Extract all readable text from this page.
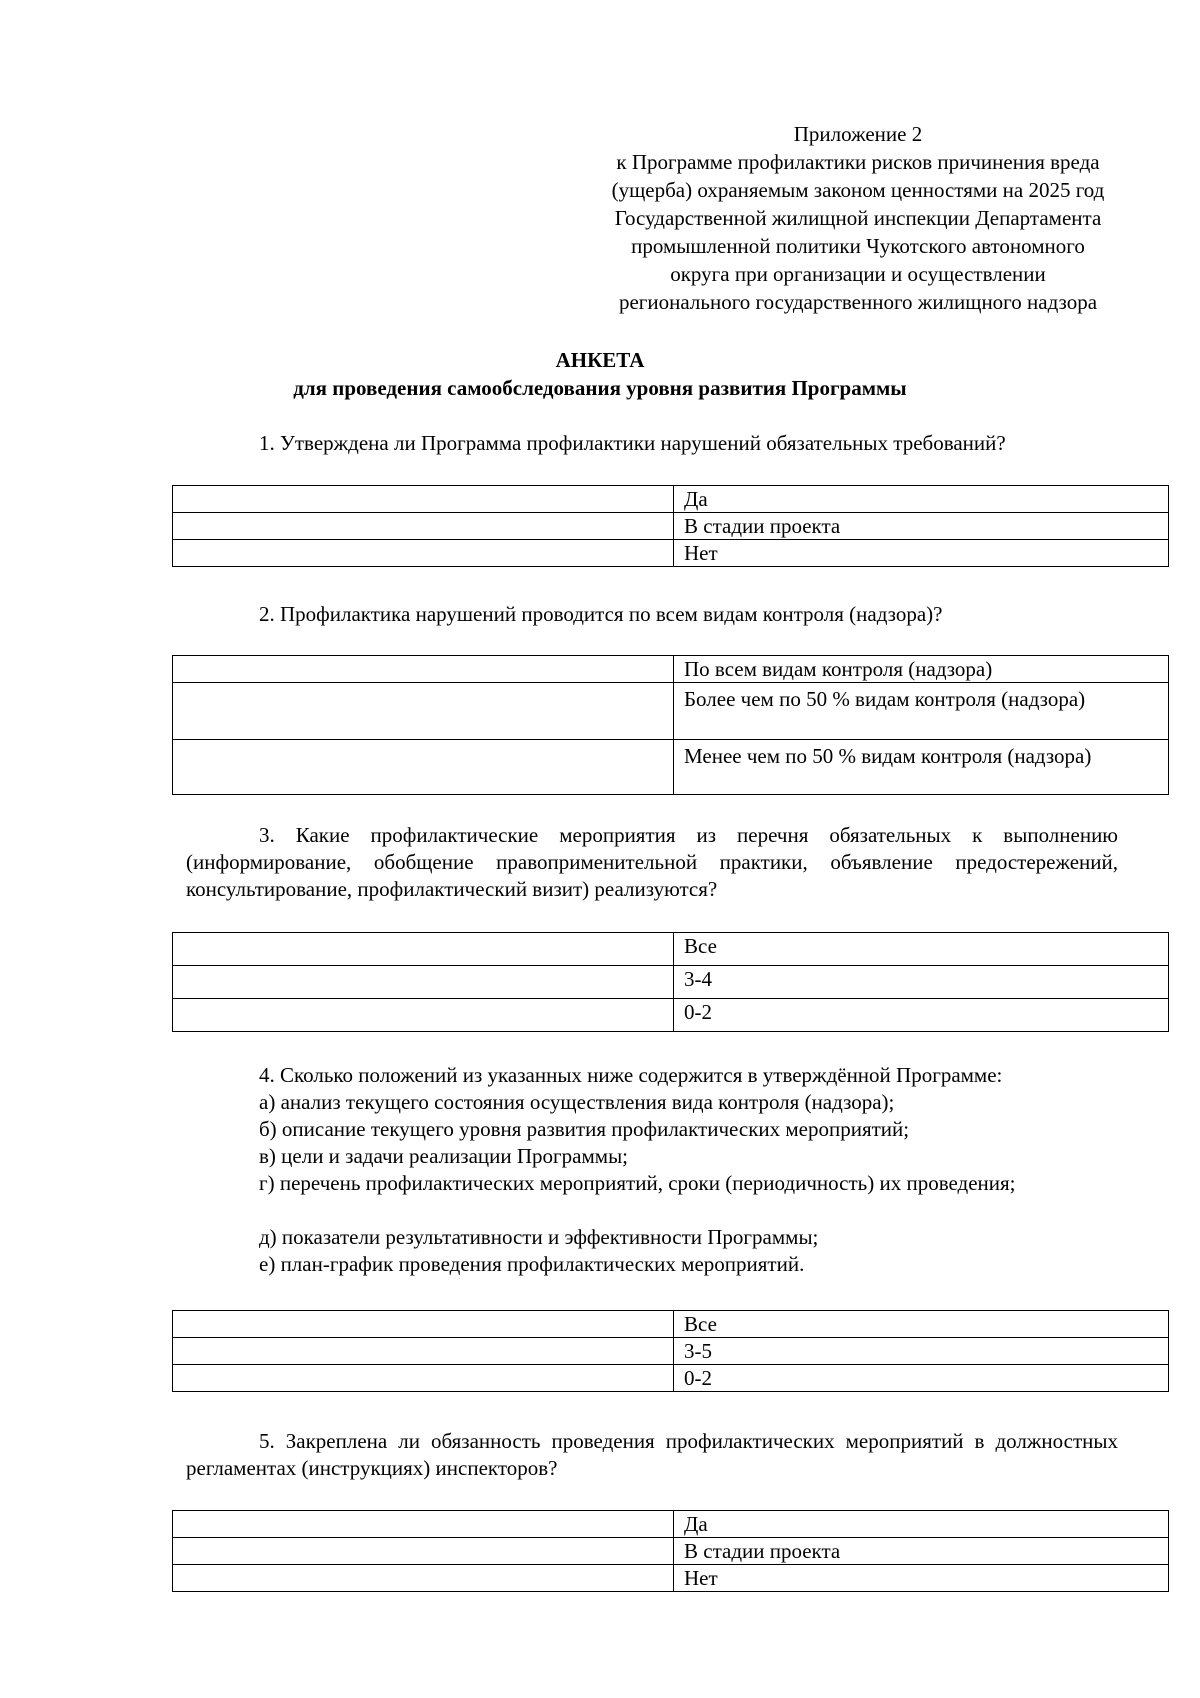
Приложение 2
к Программе профилактики рисков причинения вреда
(ущерба) охраняемым законом ценностями на 2025 год
Государственной жилищной инспекции Департамента
промышленной политики Чукотского автономного
округа при организации и осуществлении
регионального государственного жилищного надзора
АНКЕТА
для проведения самообследования уровня развития Программы
1. Утверждена ли Программа профилактики нарушений обязательных требований?
	Да
	В стадии проекта
	Нет
2. Профилактика нарушений проводится по всем видам контроля (надзора)?
	По всем видам контроля (надзора)
	Более чем по 50 % видам контроля (надзора)
	Менее чем по 50 % видам контроля (надзора)
3. Какие профилактические мероприятия из перечня обязательных к выполнению (информирование, обобщение правоприменительной практики, объявление предостережений, консультирование, профилактический визит) реализуются?
	Все
	3-4
	0-2
4. Сколько положений из указанных ниже содержится в утверждённой Программе:
а) анализ текущего состояния осуществления вида контроля (надзора);
б) описание текущего уровня развития профилактических мероприятий;
в) цели и задачи реализации Программы;
г) перечень профилактических мероприятий, сроки (периодичность) их проведения;
д) показатели результативности и эффективности Программы;
е) план-график проведения профилактических мероприятий.
	Все
	3-5
	0-2
5. Закреплена ли обязанность проведения профилактических мероприятий в должностных регламентах (инструкциях) инспекторов?
	Да
	В стадии проекта
	Нет
